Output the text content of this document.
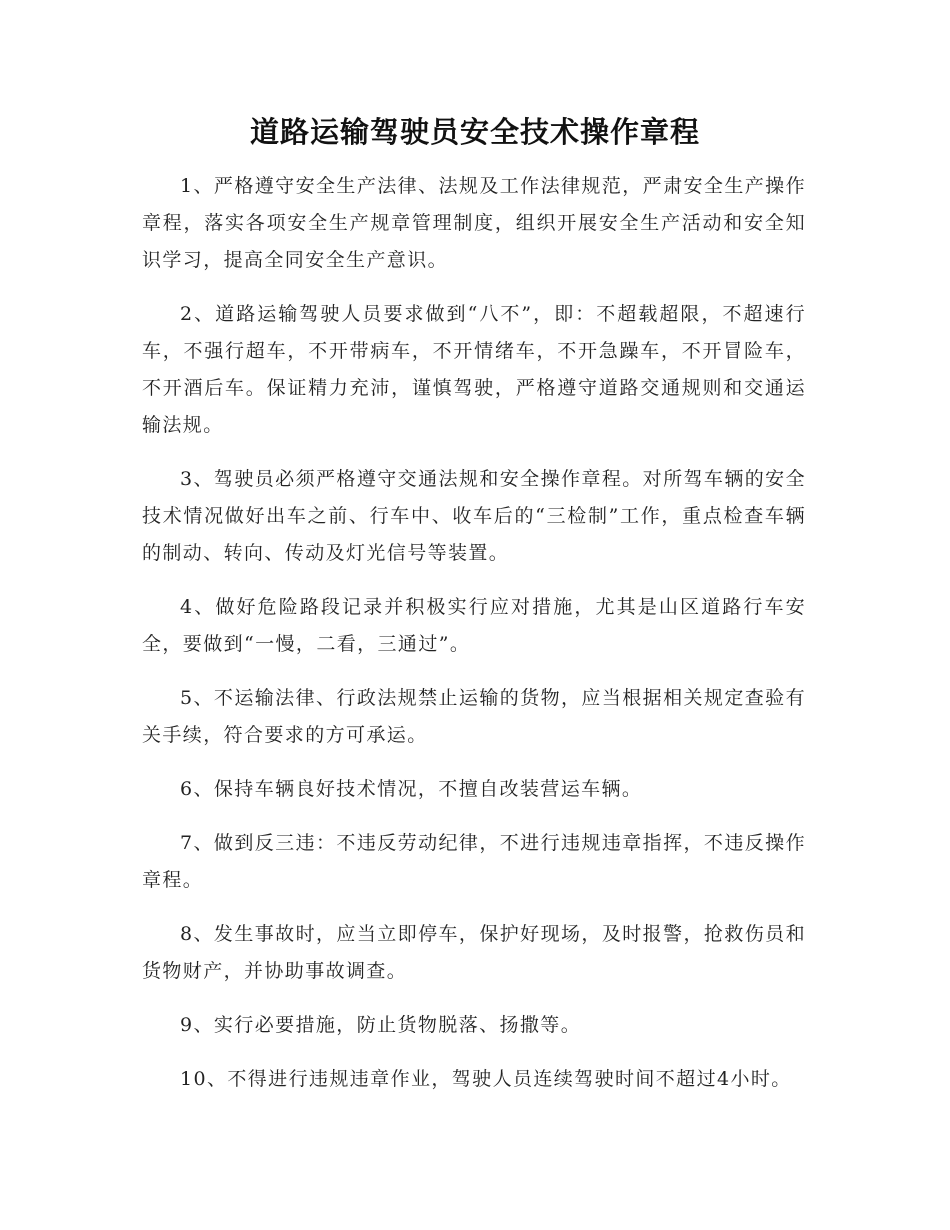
道路运输驾驶员安全技术操作章程

1、严格遵守安全生产法律、法规及工作法律规范，严肃安全生产操作章程，落实各项安全生产规章管理制度，组织开展安全生产活动和安全知识学习，提高全同安全生产意识。

2、道路运输驾驶人员要求做到“八不”，即：不超载超限，不超速行车，不强行超车，不开带病车，不开情绪车，不开急躁车，不开冒险车，不开酒后车。保证精力充沛，谨慎驾驶，严格遵守道路交通规则和交通运输法规。

3、驾驶员必须严格遵守交通法规和安全操作章程。对所驾车辆的安全技术情况做好出车之前、行车中、收车后的“三检制”工作，重点检查车辆的制动、转向、传动及灯光信号等装置。

4、做好危险路段记录并积极实行应对措施，尤其是山区道路行车安全，要做到“一慢，二看，三通过”。

5、不运输法律、行政法规禁止运输的货物，应当根据相关规定查验有关手续，符合要求的方可承运。

6、保持车辆良好技术情况，不擅自改装营运车辆。

7、做到反三违：不违反劳动纪律，不进行违规违章指挥，不违反操作章程。

8、发生事故时，应当立即停车，保护好现场，及时报警，抢救伤员和货物财产，并协助事故调查。

9、实行必要措施，防止货物脱落、扬撒等。

10、不得进行违规违章作业，驾驶人员连续驾驶时间不超过4小时。
